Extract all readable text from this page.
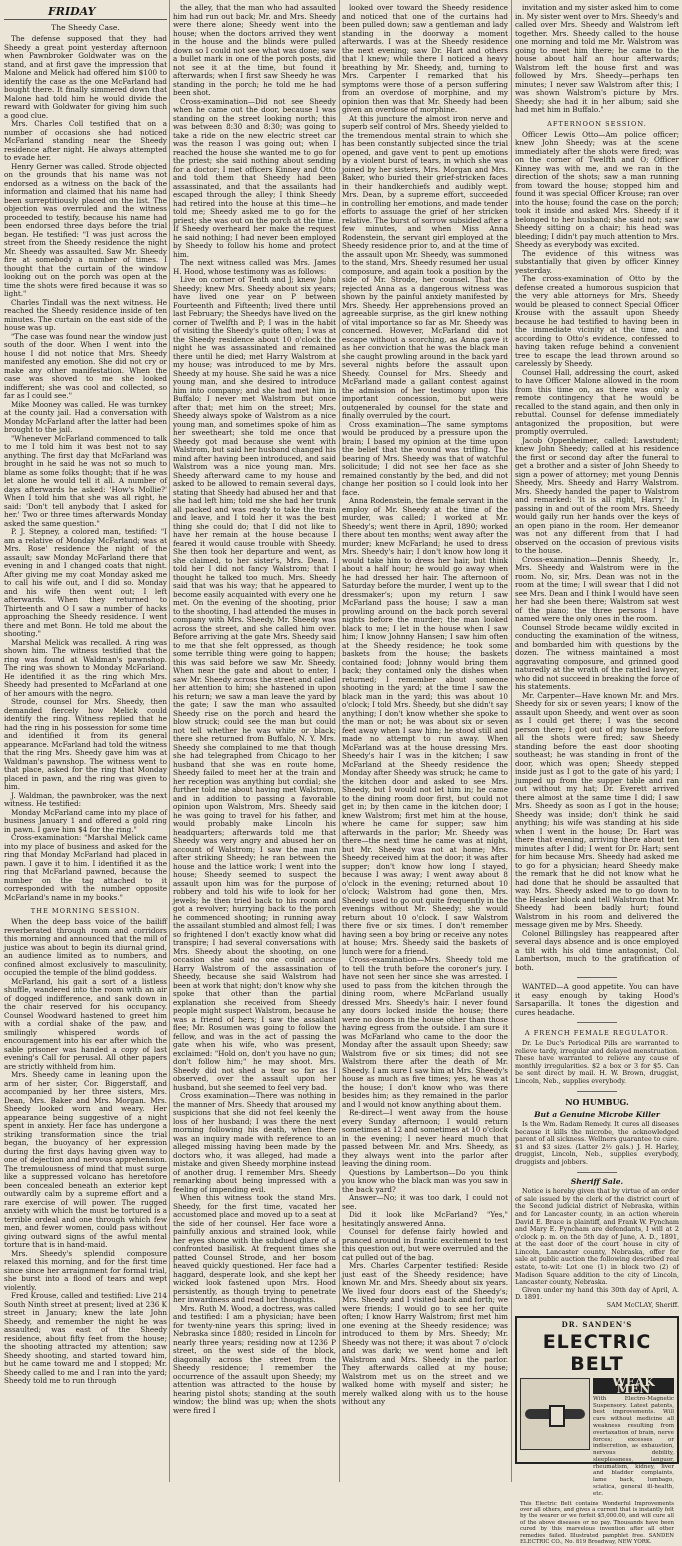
FRIDAY
The Sheedy Case.

The defense supposed that they had Sheedy a great point yesterday afternoon when Pawnbroker Goldwater was on the stand, and at first gave the impression that Malone and Melick had offered him $100 to identify the case as the one McFarland had bought there. It finally simmered down that Malone had told him he would divide the reward with Goldwater for giving him such a good clue.

Mrs. Charles Coll testified that on a number of occasions she had noticed McFarland standing near the Sheedy residence after night. He always attempted to evade her.

Henry Gerner was called. Strode objected on the grounds that his name was not endorsed as a witness on the back of the information and claimed that his name had been surreptitiously placed on the list. The objection was overruled and the witness proceeded to testify, because his name had been endorsed three days before the trial began. He testified: "I was just across the street from the Sheedy residence the night Mr. Sheedy was assaulted. Saw Mr. Sheedy fire at somebody a number of times. I thought that the curtain of the window looking out on the porch was open at the time the shots were fired because it was so light."

Charles Tindall was the next witness. He reached the Sheedy residence inside of ten minutes. The curtain on the east side of the house was up.

"The case was found near the window just south of the door. When I went into the house I did not notice that Mrs. Sheedy manifested any emotion. She did not cry or make any other manifestation. When the case was shoved to me she looked indifferent; she was cool and collected, so far as I could see."

Mike Mooney was called. He was turnkey at the county jail. Had a conversation with Monday McFarland after the latter had been brought to the jail.

"Whenever McFarland commenced to talk to me I told him it was best not to say anything. The first day that McFarland was brought in he said he was not so much to blame as some folks thought; that if he was let alone he would tell it all. A number of days afterwards he asked: 'How's Mollie?' When I told him that she was all right, he said: 'Don't tell anybody that I asked for her.' Two or three times afterwards Monday asked the same question."

P. J. Stepney, a colored man, testified: "I am a relative of Monday McFarland; was at Mrs. Rose' residence the night of the assault; saw Monday McFarland there that evening in and I changed coats that night. After giving me my coat Monday asked me to call his wife out, and I did so. Monday and his wife then went out; I left afterwards. When they returned to Thirteenth and O I saw a number of hacks approaching the Sheedy residence. I went there and met Bonn. He told me about the shooting."

Marshal Melick was recalled. A ring was shown him. The witness testified that the ring was found at Waldman's pawnshop. The ring was shown to Monday McFarland. He identified it as the ring which Mrs. Sheedy had presented to McFarland at one of her amours with the negro.

Strode, counsel for Mrs. Sheedy, then demanded fiercely how Melick could identify the ring. Witness replied that he had the ring in his possession for some time and identified it from its general appearance. McFarland had told the witness that the ring Mrs. Sheedy gave him was at Waldman's pawnshop. The witness went to that place, asked for the ring that Monday placed in pawn, and the ring was given to him.

J. Waldman, the pawnbroker, was the next witness. He testified:

Monday McFarland came into my place of business January 1 and offered a gold ring in pawn. I gave him $4 for the ring."

Cross-examination: "Marshal Melick came into my place of business and asked for the ring that Monday McFarland had placed in pawn. I gave it to him. I identified it as the ring that McFarland pawned, because the number on the tag attached to it corresponded with the number opposite McFarland's name in my books."

THE MORNING SESSION.

When the deep bass voice of the bailiff reverberated through room and corridors this morning and announced that the mill of justice was about to begin its diurnal grind, an audience limited as to numbers, and confined almost exclusively to masculinity, occupied the temple of the blind goddess.

McFarland, his gait a sort of a listless shuffle, wandered into the room with an air of dogged indifference, and sank down in the chair reserved for his occupancy. Counsel Woodward hastened to greet him with a cordial shake of the paw, and smilingly whispered words of encouragement into his ear after which the sable prisoner was handed a copy of last evening's Call for perusal. All other papers are strictly withheld from him.

Mrs. Sheedy came in leaning upon the arm of her sister, Cor. Biggerstaff, and accompanied by her three sisters, Mrs. Dean, Mrs. Baker and Mrs. Morgan. Mrs. Sheedy looked worn and weary. Her appearance being suggestive of a night spent in anxiety. Her face has undergone a striking transformation since the trial began, the buoyancy of her expression during the first days having given way to one of dejection and nervous apprehension. The tremulousness of mind that must surge like a suppressed volcano has heretofore been concealed beneath an exterior kept outwardly calm by a supreme effort and a rare exercise of will power. The rugged anxiety with which the must be tortured is a terrible ordeal and one through which few men, and fewer women, could pass without giving outward signs of the awful mental torture that is in hand-maid.

Mrs. Sheedy's splendid composure relaxed this morning, and for the first time since since her arraignment for formal trial, she burst into a flood of tears and wept violently.

Fred Krouse, called and testified: Live 214 South Ninth street at present; lived at 236 K street in January; knew the late John Sheedy, and remember the night he was assaulted; was east of the Sheedy residence, about fifty feet from the house; the shooting attracted my attention; saw Sheedy shooting, and started toward him, but he came toward me and I stopped; Mr. Sheedy called to me and I ran into the yard; Sheedy told me to run through

the alley, that the man who had assaulted him had run out back; Mr. and Mrs. Sheedy were there alone; Sheedy went into the house; when the doctors arrived they went in the house and the blinds were pulled down so I could not see what was done; saw a bullet mark in one of the porch posts, did not see it at the time, but found it afterwards; when I first saw Sheedy he was standing in the porch; he told me he had been shot.

Cross-examination—Did not see Sheedy when he came out the door, because I was standing on the street looking north; this was between 8:30 and 8:30; was going to take a ride on the new electric street car was the reason I was going out; when I reached the house she wanted me to go for the priest; she said nothing about sending for a doctor; I met officers Kinney and Otto and told them that Sheedy had been assassinated, and that the assailants had escaped through the alley; I think Sheedy had retired into the house at this time—he told me; Sheedy asked me to go for the priest; she was out on the porch at the time. If Sheedy overheard her make the request he said nothing; I had never been employed by Sheedy to follow his home and protect him.

The next witness called was Mrs. James H. Hood, whose testimony was as follows:

Live on corner of Tenth and J; knew John Sheedy; knew Mrs. Sheedy about six years; have lived one year on P between Fourteenth and Fifteenth; lived there until last February; the Sheedys have lived on the corner of Twelfth and P; I was in the habit of visiting the Sheedy's quite often; I was at the Sheedy residence about 10 o'clock the night he was assassinated and remained there until he died; met Harry Walstrom at my house; was introduced to me by Mrs. Sheedy at my house. She said he was a nice young man, and she desired to introduce him into company; and she had met him in Buffalo; I never met Walstrom but once after that; met him on the street; Mrs. Sheedy always spoke of Walstrom as a nice young man, and sometimes spoke of him as her sweetheart; she told me once that Sheedy got mad because she went with Walstrom, but said her husband changed his mind after having been introduced, and said Walstrom was a nice young man. Mrs. Sheedy afterward came to my house and asked to be allowed to remain several days, stating that Sheedy had abused her and that she had left him; told me she had her trunk all packed and was ready to take the train and leave, and I told her it was the best thing she could do; that I did not like to have her remain at the house because I feared it would cause trouble with Sheedy. She then took her departure and went, as she claimed, to her sister's, Mrs. Dean. I told her I did not fancy Walstrom; that I thought he talked too much. Mrs. Sheedy said that was his way; that he appeared to become easily acquainted with every one he met. On the evening of the shooting, prior to the shooting, I had attended the muses in company with Mrs. Sheedy. Mr. Sheedy was across the street, and she called him over. Before arriving at the gate Mrs. Sheedy said to me that she felt oppressed, as though some terrible thing were going to happen; this was said before we saw Mr. Sheedy. When near the gate and about to enter, I saw Mr. Sheedy across the street and called her attention to him; she hastened in upon his return; we saw a man leave the yard by the gate; I saw the man who assaulted Sheedy rise on the porch and heard the blow struck; could see the man but could not tell whether he was white or black; there she returned from Buffalo, N. Y. Mrs. Sheedy she complained to me that though she had telegraphed from Chicago to her husband that she was en route home, Sheedy failed to meet her at the train and her reception was anything but cordial; she further told me about having met Walstrom, and in addition to passing a favorable opinion upon Walstrom, Mrs. Sheedy said he was going to travel for his father, and would probably make Lincoln his headquarters; afterwards told me that Sheedy was very angry and abused her on account of Walstrom; I saw the man run after striking Sheedy; he ran between the house and the lattice work; I went into the house; Sheedy seemed to suspect the assault upon him was for the purpose of robbery and told his wife to look for her jewels; he then tried back to his room and got a revolver; hurrying back to the porch he commenced shooting; in running away the assailant stumbled and almost fell; I was so frightened I don't exactly know what did transpire; I had several conversations with Mrs. Sheedy about the shooting, on one occasion she said no one could accuse Harry Walstrom of the assassination of Sheedy, because she said Walstrom had been at work that night; don't know why she spoke that other than the partial explanation she received from Sheedy people might suspect Walstrom, because he was a friend of hers; I saw the assailant flee; Mr. Rosumen was going to follow the fellow, and was in the act of passing the gate when his wife, who was present, exclaimed: "Hold on, don't you have no gun; don't follow him;" he may shoot. Mrs. Sheedy did not shed a tear so far as I observed, over the assault upon her husband, but she seemed to feel very bad.

Cross examination—There was nothing in the manner of Mrs. Sheedy that aroused my suspicions that she did not feel keenly the loss of her husband; I was there the next morning following his death, when there was an inquiry made with reference to an alleged missing having been made by the doctors who, it was alleged, had made a mistake and given Sheedy morphine instead of another drug. I remember Mrs. Sheedy remarking about being impressed with a feeling of impending evil.

When this witness took the stand Mrs. Sheedy, for the first time, vacated her accustomed place and moved up to a seat at the side of her counsel. Her face wore a painfully anxious and strained look, while her eyes shone with the subdued glare of a confronted basilisk. At frequent times she patted Counsel Strode, and her bosom heaved quickly questioned. Her face had a haggard, desperate look, and she kept her wicked look fastened upon Mrs. Hood persistently, as though trying to penetrate her inwardness and read her thoughts.

Mrs. Ruth M. Wood, a doctress, was called and testified: I am a physician; have been for twenty-nine years this spring; lived in Nebraska since 1880; resided in Lincoln for nearly three years; residing now at 1236 P street, on the west side of the block, diagonally across the street from the Sheedy residence; I remember the occurrence of the assault upon Sheedy; my attention was attracted to the house by hearing pistol shots; standing at the south window; the blind was up; when the shots were fired I

looked over toward the Sheedy residence and noticed that one of the curtains had been pulled down; saw a gentleman and lady standing in the doorway a moment afterwards. I was at the Sheedy residence the next evening; saw Dr. Hart and others that I knew; while there I noticed a heavy breathing by Mr. Sheedy, and, turning to Mrs. Carpenter I remarked that his symptoms were those of a person suffering from an overdose of morphine, and my opinion then was that Mr. Sheedy had been given an overdose of morphine.

At this juncture the almost iron nerve and superb self control of Mrs. Sheedy yielded to the tremendous mental strain to which she has been constantly subjected since the trial opened, and gave vent to pent up emotions by a violent burst of tears, in which she was joined by her sisters, Mrs. Morgan and Mrs. Baker, who buried their grief-stricken faces in their handkerchiefs and audibly wept. Mrs. Dean, by a supreme effort, succeeded in controlling her emotions, and made tender efforts to assuage the grief of her stricken relative. The burst of sorrow subsided after a few minutes, and when Miss Anna Rodenstein, the servant girl employed at the Sheedy residence prior to, and at the time of the assault upon Mr. Sheedy, was summoned to the stand, Mrs. Sheedy resumed her usual composure, and again took a position by the side of Mr. Strode, her counsel. That the rejected Anna as a dangerous witness was shown by the painful anxiety manifested by Mrs. Sheedy. Her apprehensions proved an agreeable surprise, as the girl knew nothing of vital importance so far as Mr. Sheedy was concerned. However, McFarland did not escape without a scorching, as Anna gave it as her conviction that he was the black man she caught prowling around in the back yard several nights before the assault upon Sheedy. Counsel for Mrs. Sheedy and McFarland made a gallant contest against the admission of her testimony upon this important concession, but were outgeneraled by counsel for the state and finally overruled by the court.

Cross examination—The same symptoms would be produced by a pressure upon the brain; I based my opinion at the time upon the belief that the wound was trifling. The bearing of Mrs. Sheedy was that of watchful solicitude; I did not see her face as she remained constantly by the bed, and did not change her position so I could look into her face.

Anna Rodenstein, the female servant in the employ of Mr. Sheedy at the time of the murder, was called; I worked at Mr. Sheedy's; went there in April, 1890; worked there about ten months; went away after the murder; knew McFarland; he used to dress Mrs. Sheedy's hair; I don't know how long it would take him to dress her hair, but think about a half hour; he would go away when he had dressed her hair. The afternoon of Saturday before the murder, I went up to the dressmaker's; upon my return I saw McFarland pass the house; I saw a man prowling around on the back porch several nights before the murder; the man looked black to me; I let in the house when I saw him; I know Johnny Hansen; I saw him often at the Sheedy residence; he took some baskets from the house; the baskets contained food; Johnny would bring them back; they contained only the dishes when returned; I remember about someone shooting in the yard; at the time I saw the black man in the yard; this was about 10 o'clock; I told Mrs. Sheedy, but she didn't say anything; I don't know whether she spoke to the man or not; he was about six or seven feet away when I saw him; he stood still and made no attempt to run away. When McFarland was at the house dressing Mrs. Sheedy's hair I was in the kitchen; I saw McFarland at the Sheedy residence the Monday after Sheedy was struck; he came to the kitchen door and asked to see Mrs. Sheedy, but I would not let him in; he came to the dining room door first, but could not get in; by then came in the kitchen door; I knew Walstrom; first met him at the house, where he came for supper; saw him afterwards in the parlor; Mr. Sheedy was there—the next time he came was at night, but Mr. Sheedy was not at home; Mrs. Sheedy received him at the door; it was after supper; don't know how long I stayed, because I was away; I went away about 8 o'clock in the evening; returned about 10 o'clock; Walstrom had gone then, Mrs. Sheedy used to go out quite frequently in the evenings without Mr. Sheedy; she would return about 10 o'clock. I saw Walstrom there five or six times. I don't remember having seen a boy bring or receive any notes at house; Mrs. Sheedy said the baskets of lunch were for a friend.

Cross-examination—Mrs. Sheedy told me to tell the truth before the coroner's jury. I have not seen her since she was arrested. I used to pass from the kitchen through the dining room, where McFarland usually dressed Mrs. Sheedy's hair. I never found any doors locked inside the house; there were no doors in the house other than those having egress from the outside. I am sure it was McFarland who came to the door the Monday after the assault upon Sheedy; saw Walstrom five or six times; did not see Walstrom there after the death of Mr. Sheedy. I am sure I saw him at Mrs. Sheedy's house as much as five times; yes, he was at the house; I don't know who was there besides him; as they remained in the parlor and I would not know anything about them.

Re-direct—I went away from the house every Sunday afternoon; I would return sometimes at 12 and sometimes at 10 o'clock in the evening; I never heard much that passed between Mr. and Mrs. Sheedy, as they always went into the parlor after leaving the dining room.

Questions by Lambertson—Do you think you know who the black man was you saw in the back yard?

Answer—No; it was too dark, I could not see.

Did it look like McFarland? "Yes," hesitatingly answered Anna.

Counsel for defense fairly howled and pranced around in frantic excitement to test this question out, but were overruled and the cat pulled out of the bag.

Mrs. Charles Carpenter testified: Reside just east of the Sheedy residence; have known Mr. and Mrs. Sheedy about six years. We lived four doors east of the Sheedy's; Mrs. Sheedy and I visited back and forth; we were friends; I would go to see her quite often; I know Harry Walstrom; first met him one evening at the Sheedy residence; was introduced to them by Mrs. Sheedy; Mr. Sheedy was not there; it was about 7 o'clock and was dark; we went home and left Walstrom and Mrs. Sheedy in the parlor. They afterwards called at my house; Walstrom met us on the street and we walked home with myself and sister; he merely walked along with us to the house without any

invitation and my sister asked him to come in. My sister went over to Mrs. Sheedy's and called over Mrs. Sheedy and Walstrom left together. Mrs. Sheedy called to the house one morning and told me Mr. Walstrom was going to meet him there; he came to the house about half an hour afterwards; Walstrom left the house first and was followed by Mrs. Sheedy—perhaps ten minutes; I never saw Walstrom after this; I was shown Walstrom's picture by Mrs. Sheedy; she had it in her album; said she had met him in Buffalo."

AFTERNOON SESSION.

Officer Lewis Otto—Am police officer; knew John Sheedy; was at the scene immediately after the shots were fired; was on the corner of Twelfth and O; Officer Kinney was with me, and we ran in the direction of the shots; saw a man running from toward the house; stopped him and found it was special Officer Krouse; ran over into the house; found the case on the porch; took it inside and asked Mrs. Sheedy if it belonged to her husband; she said not; saw Sheedy sitting on a chair; his head was bleeding; I didn't pay much attention to Mrs. Sheedy as everybody was excited.

The evidence of this witness was substantially that given by officer Kinney yesterday.

The cross-examination of Otto by the defense created a humorous suspicion that the very able attorneys for Mrs. Sheedy would be pleased to connect Special Officer Krouse with the assault upon Sheedy because he had testified to having been in the immediate vicinity at the time, and according to Otto's evidence, confessed to having taken refuge behind a convenient tree to escape the lead thrown around so carelessly by Sheedy.

Counsel Hall, addressing the court, asked to have Officer Malone allowed in the room from this time on, as there was only a remote contingency that he would be recalled to the stand again, and then only in rebuttal. Counsel for defense immediately antagonized the proposition, but were promptly overruled.

Jacob Oppenheimer, called: Lawstudent; knew John Sheedy; called at his residence the first or second day after the funeral to get a brother and a sister of John Sheedy to sign a power of attorney; met young Dennis Sheedy, Mrs. Sheedy and Harry Walstrom. Mrs. Sheedy handed the paper to Walstrom and remarked: 'It is all right, Harry.' In passing in and out of the room Mrs. Sheedy would gaily run her hands over the keys of an open piano in the room. Her demeanor was not any different from that I had observed on the occasion of previous visits to the house.

Cross-examination—Dennis Sheedy, Jr., Mrs. Sheedy and Walstrom were in the room. No, sir, Mrs. Dean was not in the room at the time; I will swear that I did not see Mrs. Dean and I think I would have seen her had she been there; Walstrom sat west of the piano; the three persons I have named were the only ones in the room.

Counsel Strode became wildly excited in conducting the examination of the witness, and bombarded him with questions by the dozen. The witness maintained a most aggravating composure, and grinned good naturedly at the wrath of the rattled lawyer, who did not succeed in breaking the force of his statements.

Mr. Carpenter—Have known Mr. and Mrs. Sheedy for six or seven years; I know of the assault upon Sheedy, and went over as soon as I could get there; I was the second person there; I got out of my house before all the shots were fired; saw Sheedy standing before the east door shooting southeast; he was standing in front of the door, which was open; Sheedy stepped inside just as I got to the gate of his yard; I jumped up from the supper table and ran out without my hat; Dr. Everett arrived there almost at the same time I did; I saw Mrs. Sheedy as soon as I got in the house; Sheedy was inside; don't think he said anything; his wife was standing at his side when I went in the house; Dr. Hart was there that evening, arriving there about ten minutes after I did; I went for Dr. Hart; sent for him because Mrs. Sheedy had asked me to go for a physician; heard Sheedy make the remark that he did not know what he had done that he should be assaulted that way. Mrs. Sheedy asked me to go down to the Heasler block and tell Walstrom that Mr. Sheedy had been badly hurt; found Walstrom in his room and delivered the message given me by Mrs. Sheedy.

Colonel Billingsley has reappeared after several days absence and is once employed a tilt with his old time antagonist, Col. Lambertson, much to the gratification of both.

WANTED—A good appetite. You can have it easy enough by taking Hood's Sarsaparilla. It tones the digestion and cures headache.

A FRENCH FEMALE REGULATOR.

Dr. Le Duc's Periodical Pills are warranted to relieve tardy, irregular and delayed menstruation. These have warranted to relieve any cause of monthly irregularities. $2 a box or 3 for $5. Can be sent direct by mail. H. W. Brown, druggist, Lincoln, Neb., supplies everybody.

NO HUMBUG.
But a Genuine Microbe Killer

Is the Wm. Radam Remedy. It cures all diseases because it kills the microbe, the acknowledged parent of all sickness. Wellners guarantee to cure. $1 and $3 sizes. (Latter 2½ gals.) J. H. Harley, druggist, Lincoln, Neb., supplies everybody, druggists and jobbers.

Sheriff Sale.

Notice is hereby given that by virtue of an order of sale issued by the clerk of the district court of the Second judicial district of Nebraska, within and for Lancaster county, in an action wherein David E. Brace is plaintiff, and Frank W. Fyncham and Mary E. Fyncham are defendants, I will at 2 o'clock p. m. on the 5th day of June, A. D., 1891, at the east door of the court house in city of Lincoln, Lancaster county, Nebraska, offer for sale at public auction the following described real estate, to-wit: Lot one (1) in block two (2) of Madison Square addition to the city of Lincoln, Lancaster county, Nebraska.

Given under my hand this 30th day of April, A. D. 1891.

SAM McCLAY, Sheriff.
DR. SANDEN'S
ELECTRIC BELT
WEAK MEN
With Electro-Magnetic Suspensory. Latest patents, best improvements. Will cure without medicine all weakness resulting from overtaxation of brain, nerve forces; excesses or indiscretion, as exhaustion, nervous debility, sleeplessness, languor, rheumatism, kidney, liver and bladder complaints, lame back, lumbago, sciatica, general ill-health, etc.
This Electric Belt contains Wonderful Improvements over all others, and gives a current that is instantly felt by the wearer or we forfeit $5,000.00, and will cure all of the above diseases or no pay. Thousands have been cured by this marvelous invention after all other remedies failed. Illustrated pamphlet free. SANDEN ELECTRIC CO., No. 819 Broadway, NEW YORK.
